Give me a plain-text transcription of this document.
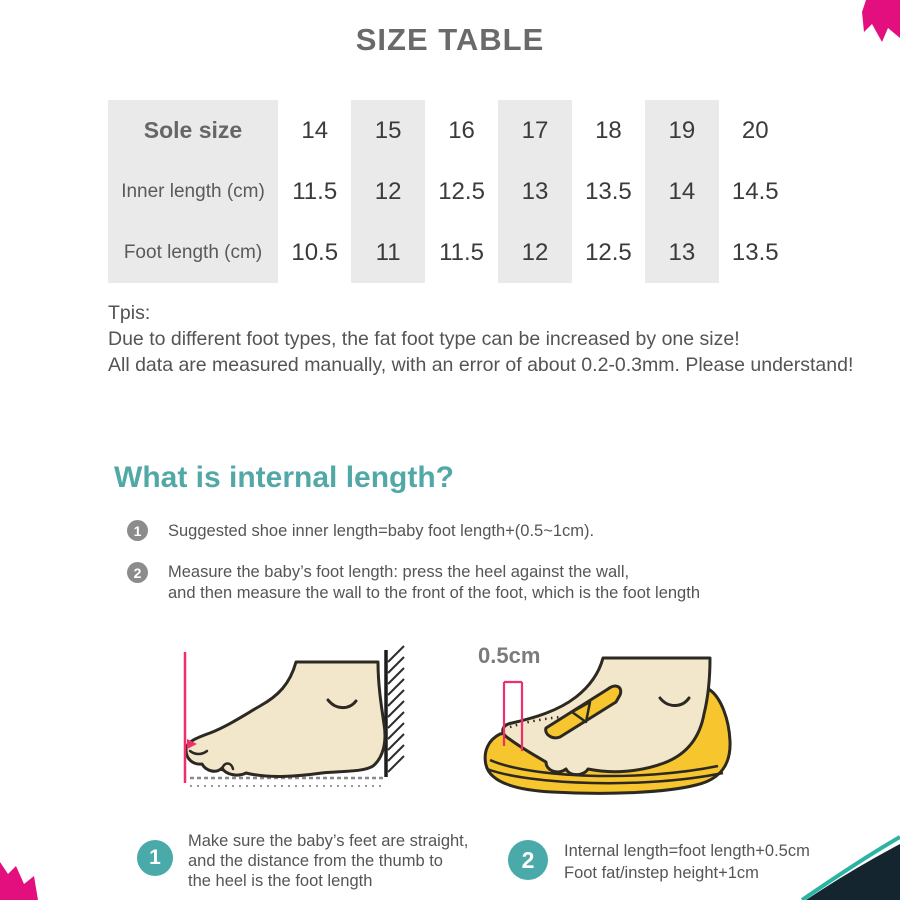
SIZE TABLE
Sole size	14	15	16	17	18	19	20
Inner length (cm)	11.5	12	12.5	13	13.5	14	14.5
Foot length (cm)	10.5	11	11.5	12	12.5	13	13.5
Tpis:
Due to different foot types, the fat foot type can be increased by one size!
All data are measured manually, with an error of about 0.2-0.3mm. Please understand!
What is internal length?
1	Suggested shoe inner length=baby foot length+(0.5~1cm).
2	Measure the baby’s foot length: press the heel against the wall,
and then measure the wall to the front of the foot, which is the foot length
0.5cm
1
Make sure the baby’s feet are straight,
and the distance from the thumb to
the heel is the foot length
2	Internal length=foot length+0.5cm
Foot fat/instep height+1cm
